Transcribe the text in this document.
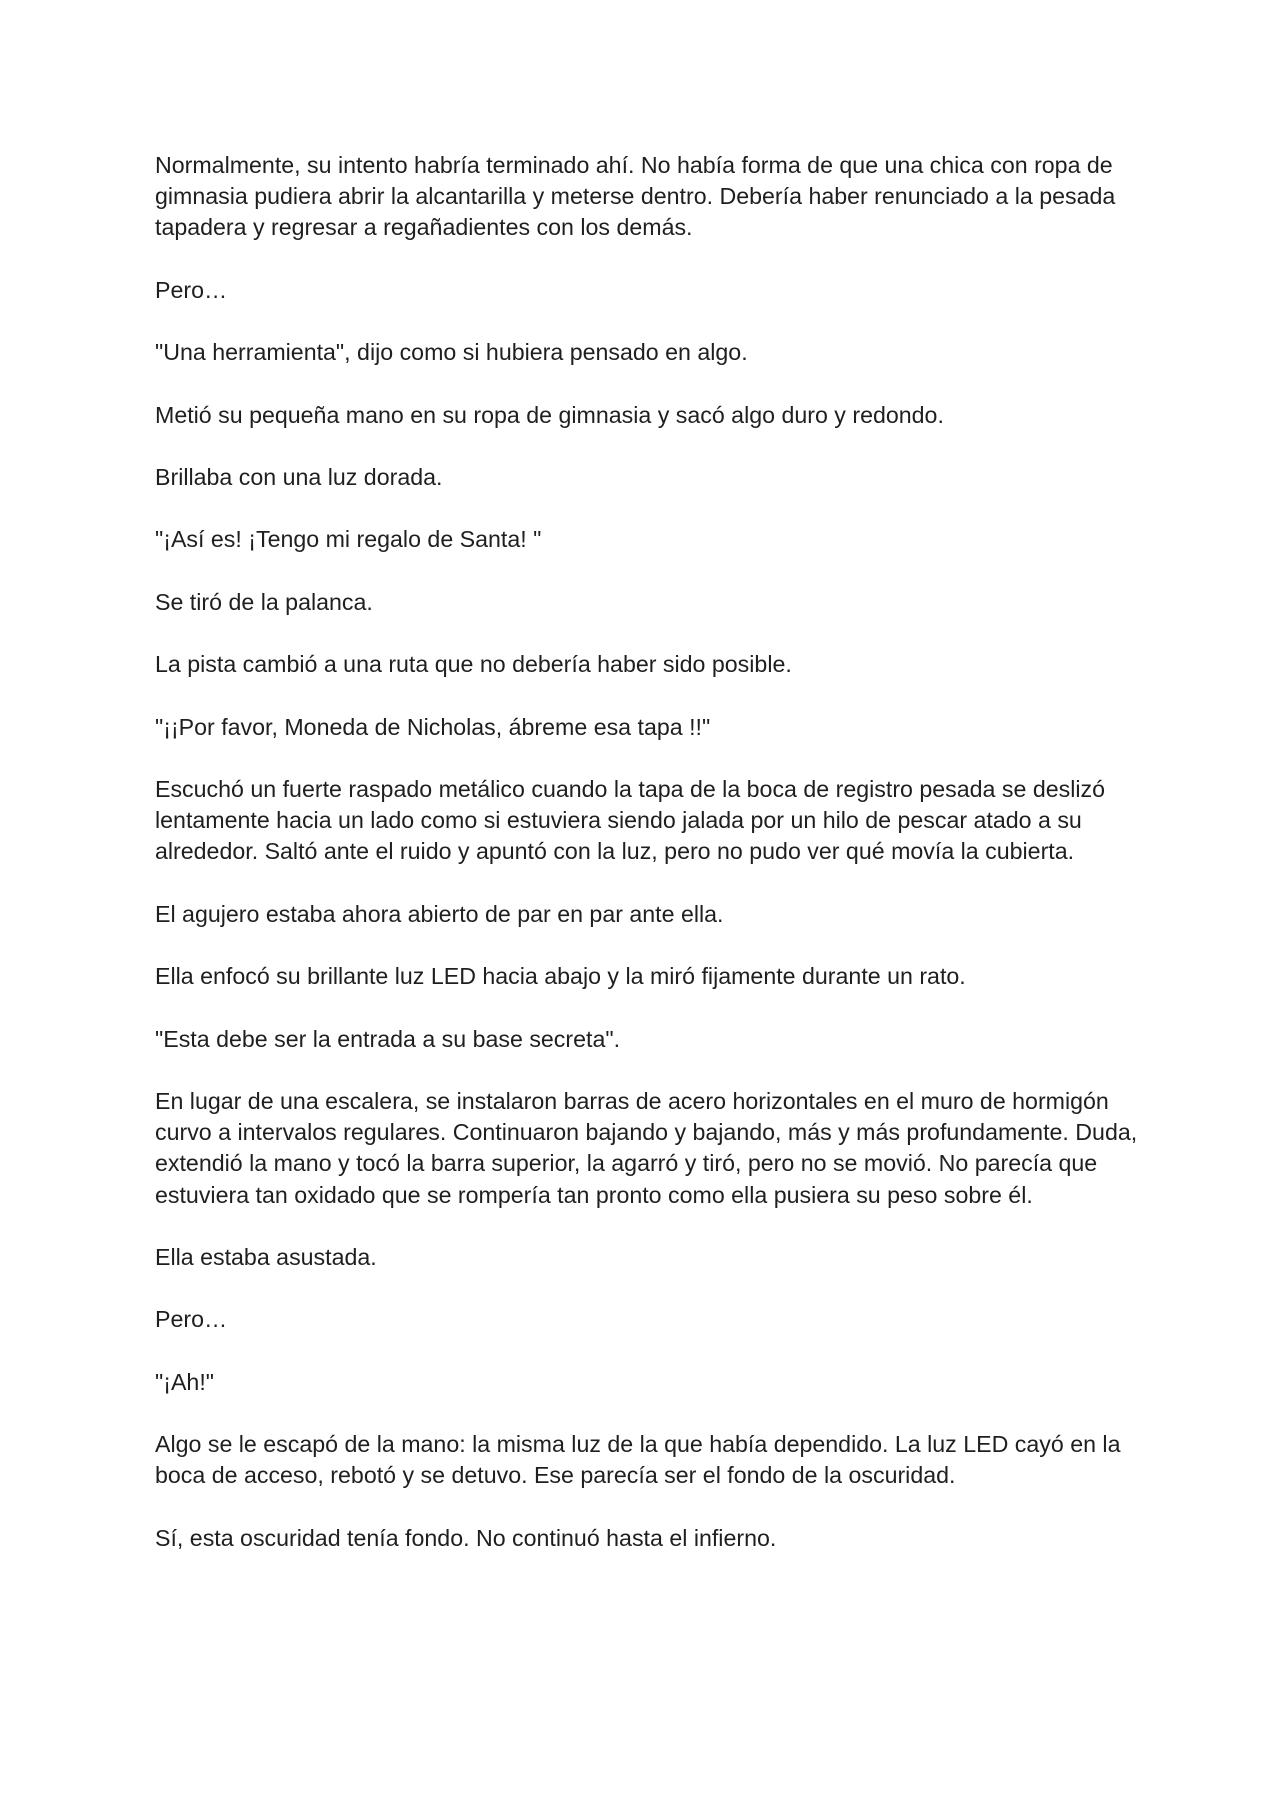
Normalmente, su intento habría terminado ahí. No había forma de que una chica con ropa de gimnasia pudiera abrir la alcantarilla y meterse dentro. Debería haber renunciado a la pesada tapadera y regresar a regañadientes con los demás.

Pero…

"Una herramienta", dijo como si hubiera pensado en algo.

Metió su pequeña mano en su ropa de gimnasia y sacó algo duro y redondo.

Brillaba con una luz dorada.

"¡Así es! ¡Tengo mi regalo de Santa! "

Se tiró de la palanca.

La pista cambió a una ruta que no debería haber sido posible.

"¡¡Por favor, Moneda de Nicholas, ábreme esa tapa !!"

Escuchó un fuerte raspado metálico cuando la tapa de la boca de registro pesada se deslizó lentamente hacia un lado como si estuviera siendo jalada por un hilo de pescar atado a su alrededor. Saltó ante el ruido y apuntó con la luz, pero no pudo ver qué movía la cubierta.

El agujero estaba ahora abierto de par en par ante ella.

Ella enfocó su brillante luz LED hacia abajo y la miró fijamente durante un rato.

"Esta debe ser la entrada a su base secreta".

En lugar de una escalera, se instalaron barras de acero horizontales en el muro de hormigón curvo a intervalos regulares. Continuaron bajando y bajando, más y más profundamente. Duda, extendió la mano y tocó la barra superior, la agarró y tiró, pero no se movió. No parecía que estuviera tan oxidado que se rompería tan pronto como ella pusiera su peso sobre él.

Ella estaba asustada.

Pero…

"¡Ah!"

Algo se le escapó de la mano: la misma luz de la que había dependido. La luz LED cayó en la boca de acceso, rebotó y se detuvo. Ese parecía ser el fondo de la oscuridad.

Sí, esta oscuridad tenía fondo. No continuó hasta el infierno.
